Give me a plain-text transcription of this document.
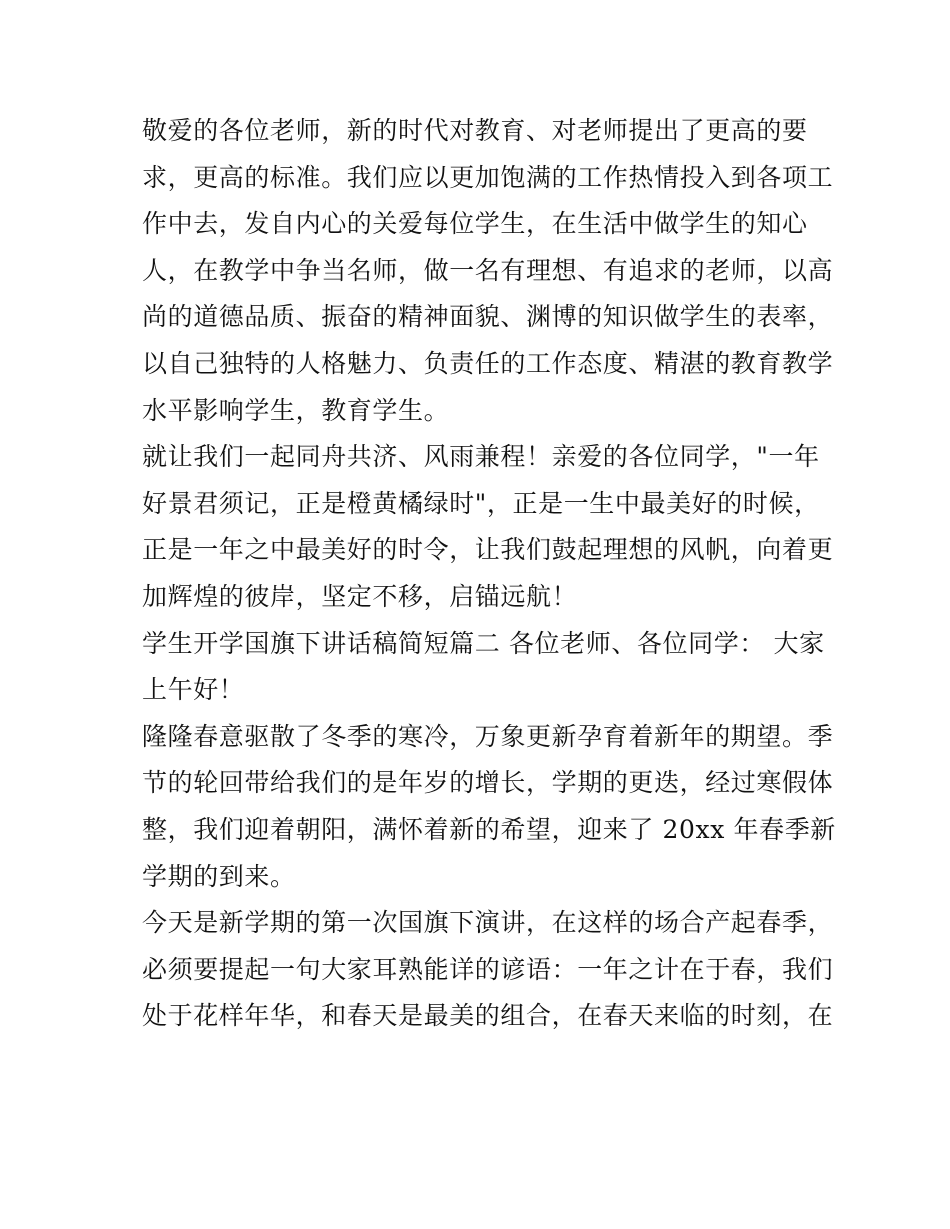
敬爱的各位老师，新的时代对教育、对老师提出了更高的要
求，更高的标准。我们应以更加饱满的工作热情投入到各项工
作中去，发自内心的关爱每位学生，在生活中做学生的知心
人，在教学中争当名师，做一名有理想、有追求的老师，以高
尚的道德品质、振奋的精神面貌、渊博的知识做学生的表率，
以自己独特的人格魅力、负责任的工作态度、精湛的教育教学
水平影响学生，教育学生。
就让我们一起同舟共济、风雨兼程！亲爱的各位同学，"一年
好景君须记，正是橙黄橘绿时"，正是一生中最美好的时候，
正是一年之中最美好的时令，让我们鼓起理想的风帆，向着更
加辉煌的彼岸，坚定不移，启锚远航！
学生开学国旗下讲话稿简短篇二 各位老师、各位同学： 大家
上午好！
隆隆春意驱散了冬季的寒冷，万象更新孕育着新年的期望。季
节的轮回带给我们的是年岁的增长，学期的更迭，经过寒假体
整，我们迎着朝阳，满怀着新的希望，迎来了 20xx 年春季新
学期的到来。
今天是新学期的第一次国旗下演讲，在这样的场合产起春季，
必须要提起一句大家耳熟能详的谚语：一年之计在于春，我们
处于花样年华，和春天是最美的组合，在春天来临的时刻，在
